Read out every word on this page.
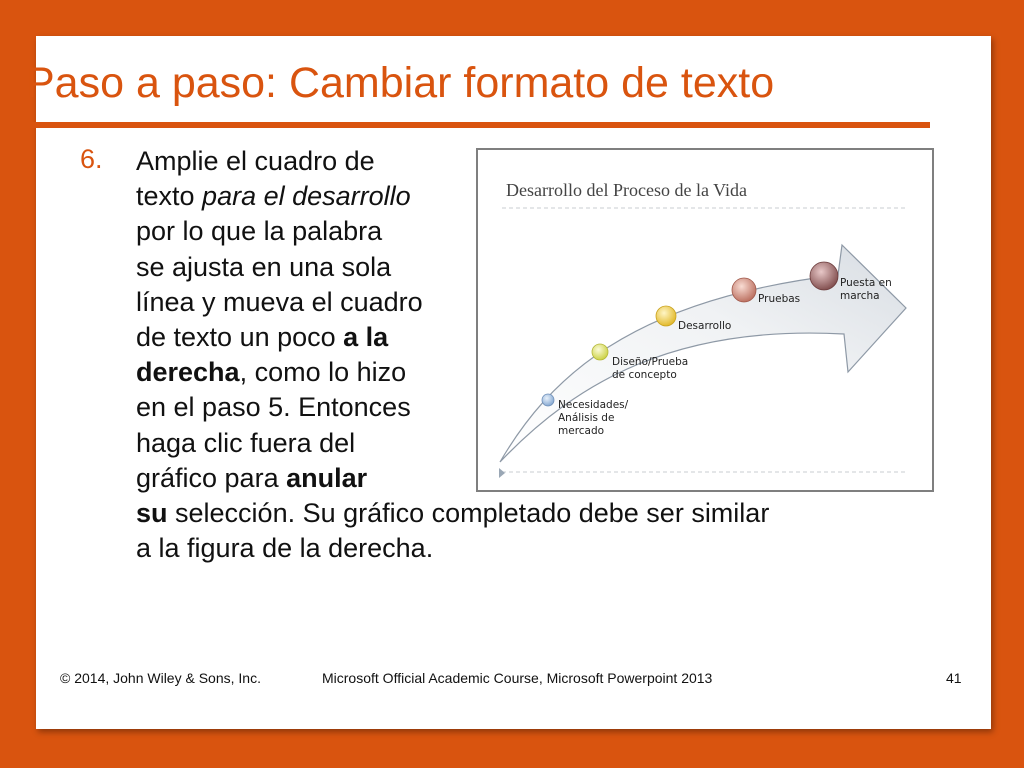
Paso a paso: Cambiar formato de texto
6. Amplie el cuadro de
texto para el desarrollo
por lo que la palabra
se ajusta en una sola
línea y mueva el cuadro
de texto un poco a la
derecha, como lo hizo
en el paso 5. Entonces
haga clic fuera del
gráfico para anular
su selección. Su gráfico completado debe ser similar
a la figura de la derecha.
Desarrollo del Proceso de la Vida
Necesidades/
Análisis de
mercado
Diseño/Prueba
de concepto
Desarrollo
Pruebas
Puesta en
marcha
© 2014, John Wiley & Sons, Inc.	Microsoft Official Academic Course, Microsoft Powerpoint 2013	41
